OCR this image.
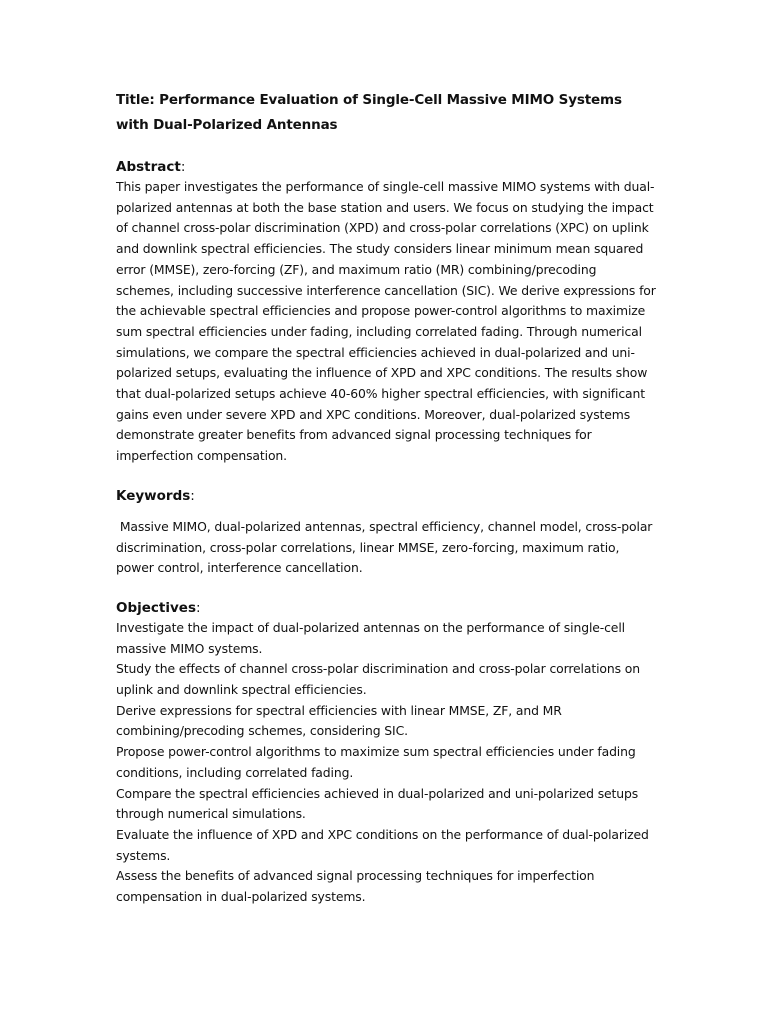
Title: Performance Evaluation of Single-Cell Massive MIMO Systems with Dual-Polarized Antennas

Abstract:

This paper investigates the performance of single-cell massive MIMO systems with dual-polarized antennas at both the base station and users. We focus on studying the impact of channel cross-polar discrimination (XPD) and cross-polar correlations (XPC) on uplink and downlink spectral efficiencies. The study considers linear minimum mean squared error (MMSE), zero-forcing (ZF), and maximum ratio (MR) combining/precoding schemes, including successive interference cancellation (SIC). We derive expressions for the achievable spectral efficiencies and propose power-control algorithms to maximize sum spectral efficiencies under fading, including correlated fading. Through numerical simulations, we compare the spectral efficiencies achieved in dual-polarized and uni-polarized setups, evaluating the influence of XPD and XPC conditions. The results show that dual-polarized setups achieve 40-60% higher spectral efficiencies, with significant gains even under severe XPD and XPC conditions. Moreover, dual-polarized systems demonstrate greater benefits from advanced signal processing techniques for imperfection compensation.

Keywords:

Massive MIMO, dual-polarized antennas, spectral efficiency, channel model, cross-polar discrimination, cross-polar correlations, linear MMSE, zero-forcing, maximum ratio, power control, interference cancellation.

Objectives:

Investigate the impact of dual-polarized antennas on the performance of single-cell massive MIMO systems.
Study the effects of channel cross-polar discrimination and cross-polar correlations on uplink and downlink spectral efficiencies.
Derive expressions for spectral efficiencies with linear MMSE, ZF, and MR combining/precoding schemes, considering SIC.
Propose power-control algorithms to maximize sum spectral efficiencies under fading conditions, including correlated fading.
Compare the spectral efficiencies achieved in dual-polarized and uni-polarized setups through numerical simulations.
Evaluate the influence of XPD and XPC conditions on the performance of dual-polarized systems.
Assess the benefits of advanced signal processing techniques for imperfection compensation in dual-polarized systems.
